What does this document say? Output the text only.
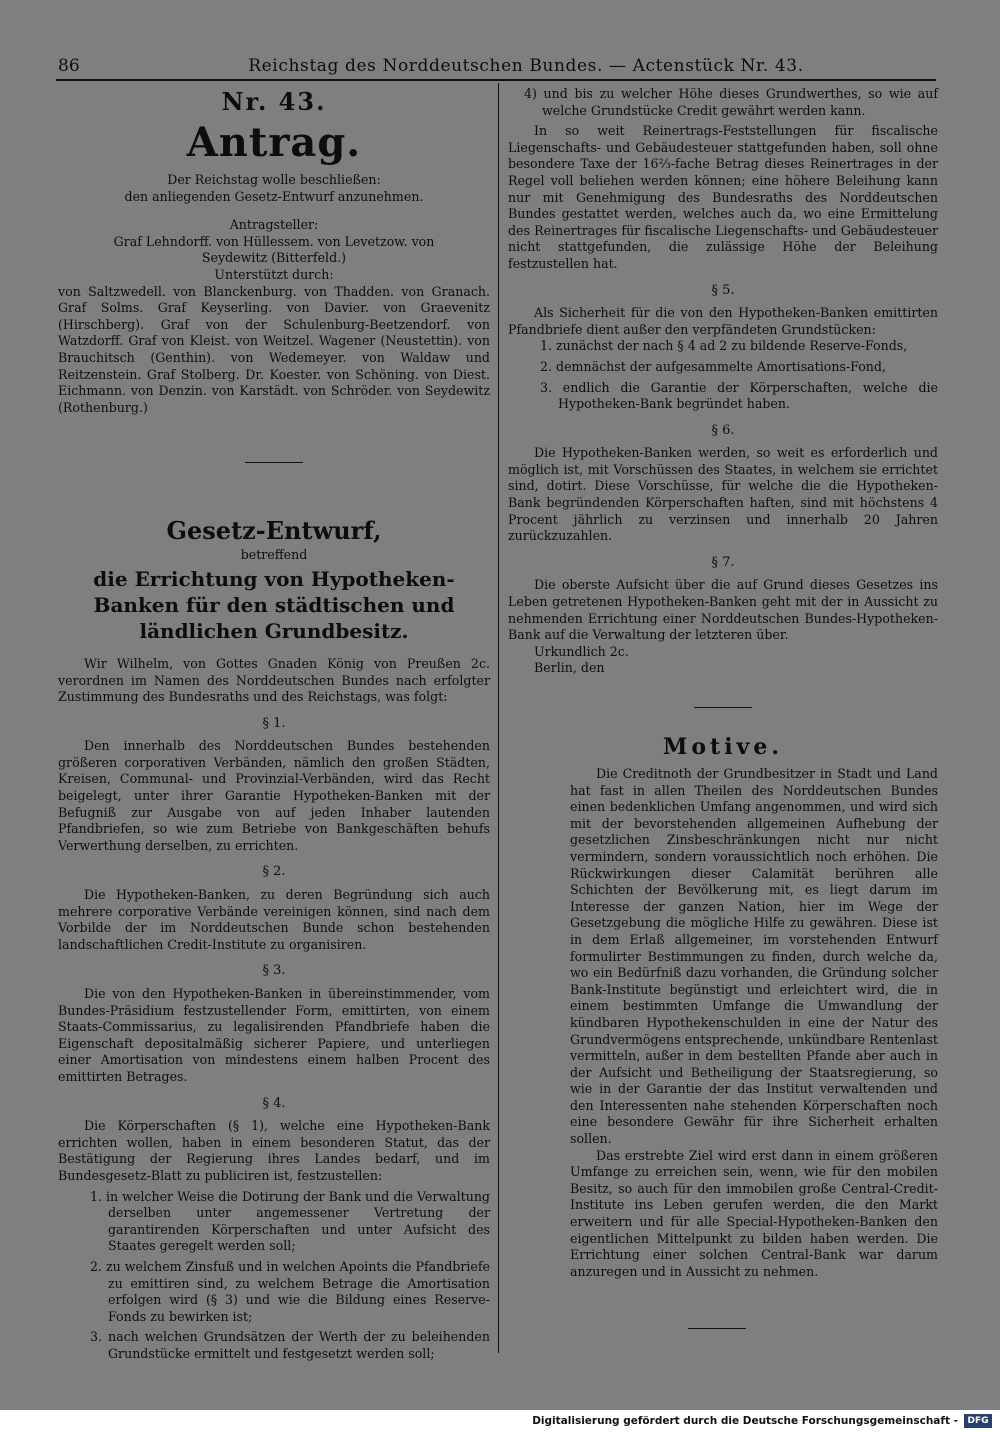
86	Reichstag des Norddeutschen Bundes. — Actenstück Nr. 43.
Nr. 43.
Antrag.

Der Reichstag wolle beschließen:

den anliegenden Gesetz-Entwurf anzunehmen.

Antragsteller:

Graf Lehndorff. von Hüllessem. von Levetzow. von Seydewitz (Bitterfeld.)

Unterstützt durch:

von Saltzwedell. von Blanckenburg. von Thadden. von Granach. Graf Solms. Graf Keyserling. von Davier. von Graevenitz (Hirschberg). Graf von der Schulenburg-Beetzendorf. von Watzdorff. Graf von Kleist. von Weitzel. Wagener (Neustettin). von Brauchitsch (Genthin). von Wedemeyer. von Waldaw und Reitzenstein. Graf Stolberg. Dr. Koester. von Schöning. von Diest. Eichmann. von Denzin. von Karstädt. von Schröder. von Seydewitz (Rothenburg.)

Gesetz-Entwurf,
betreffend
die Errichtung von Hypotheken-Banken für den städtischen und ländlichen Grundbesitz.

Wir Wilhelm, von Gottes Gnaden König von Preußen 2c. verordnen im Namen des Norddeutschen Bundes nach erfolgter Zustimmung des Bundesraths und des Reichstags, was folgt:

§ 1.

Den innerhalb des Norddeutschen Bundes bestehenden größeren corporativen Verbänden, nämlich den großen Städten, Kreisen, Communal- und Provinzial-Verbänden, wird das Recht beigelegt, unter ihrer Garantie Hypotheken-Banken mit der Befugniß zur Ausgabe von auf jeden Inhaber lautenden Pfandbriefen, so wie zum Betriebe von Bankgeschäften behufs Verwerthung derselben, zu errichten.

§ 2.

Die Hypotheken-Banken, zu deren Begründung sich auch mehrere corporative Verbände vereinigen können, sind nach dem Vorbilde der im Norddeutschen Bunde schon bestehenden landschaftlichen Credit-Institute zu organisiren.

§ 3.

Die von den Hypotheken-Banken in übereinstimmender, vom Bundes-Präsidium festzustellender Form, emittirten, von einem Staats-Commissarius, zu legalisirenden Pfandbriefe haben die Eigenschaft depositalmäßig sicherer Papiere, und unterliegen einer Amortisation von mindestens einem halben Procent des emittirten Betrages.

§ 4.

Die Körperschaften (§ 1), welche eine Hypotheken-Bank errichten wollen, haben in einem besonderen Statut, das der Bestätigung der Regierung ihres Landes bedarf, und im Bundesgesetz-Blatt zu publiciren ist, festzustellen:

1. in welcher Weise die Dotirung der Bank und die Verwaltung derselben unter angemessener Vertretung der garantirenden Körperschaften und unter Aufsicht des Staates geregelt werden soll;

2. zu welchem Zinsfuß und in welchen Apoints die Pfandbriefe zu emittiren sind, zu welchem Betrage die Amortisation erfolgen wird (§ 3) und wie die Bildung eines Reserve-Fonds zu bewirken ist;

3. nach welchen Grundsätzen der Werth der zu beleihenden Grundstücke ermittelt und festgesetzt werden soll;

4) und bis zu welcher Höhe dieses Grundwerthes, so wie auf welche Grundstücke Credit gewährt werden kann.

In so weit Reinertrags-Feststellungen für fiscalische Liegenschafts- und Gebäudesteuer stattgefunden haben, soll ohne besondere Taxe der 16⅔-fache Betrag dieses Reinertrages in der Regel voll beliehen werden können; eine höhere Beleihung kann nur mit Genehmigung des Bundesraths des Norddeutschen Bundes gestattet werden, welches auch da, wo eine Ermittelung des Reinertrages für fiscalische Liegenschafts- und Gebäudesteuer nicht stattgefunden, die zulässige Höhe der Beleihung festzustellen hat.

§ 5.

Als Sicherheit für die von den Hypotheken-Banken emittirten Pfandbriefe dient außer den verpfändeten Grundstücken:

1. zunächst der nach § 4 ad 2 zu bildende Reserve-Fonds,

2. demnächst der aufgesammelte Amortisations-Fond,

3. endlich die Garantie der Körperschaften, welche die Hypotheken-Bank begründet haben.

§ 6.

Die Hypotheken-Banken werden, so weit es erforderlich und möglich ist, mit Vorschüssen des Staates, in welchem sie errichtet sind, dotirt. Diese Vorschüsse, für welche die die Hypotheken-Bank begründenden Körperschaften haften, sind mit höchstens 4 Procent jährlich zu verzinsen und innerhalb 20 Jahren zurückzuzahlen.

§ 7.

Die oberste Aufsicht über die auf Grund dieses Gesetzes ins Leben getretenen Hypotheken-Banken geht mit der in Aussicht zu nehmenden Errichtung einer Norddeutschen Bundes-Hypotheken-Bank auf die Verwaltung der letzteren über.

Urkundlich 2c.

Berlin, den

Motive.

Die Creditnoth der Grundbesitzer in Stadt und Land hat fast in allen Theilen des Norddeutschen Bundes einen bedenklichen Umfang angenommen, und wird sich mit der bevorstehenden allgemeinen Aufhebung der gesetzlichen Zinsbeschränkungen nicht nur nicht vermindern, sondern voraussichtlich noch erhöhen. Die Rückwirkungen dieser Calamität berühren alle Schichten der Bevölkerung mit, es liegt darum im Interesse der ganzen Nation, hier im Wege der Gesetzgebung die mögliche Hilfe zu gewähren. Diese ist in dem Erlaß allgemeiner, im vorstehenden Entwurf formulirter Bestimmungen zu finden, durch welche da, wo ein Bedürfniß dazu vorhanden, die Gründung solcher Bank-Institute begünstigt und erleichtert wird, die in einem bestimmten Umfange die Umwandlung der kündbaren Hypothekenschulden in eine der Natur des Grundvermögens entsprechende, unkündbare Rentenlast vermitteln, außer in dem bestellten Pfande aber auch in der Aufsicht und Betheiligung der Staatsregierung, so wie in der Garantie der das Institut verwaltenden und den Interessenten nahe stehenden Körperschaften noch eine besondere Gewähr für ihre Sicherheit erhalten sollen.

Das erstrebte Ziel wird erst dann in einem größeren Umfange zu erreichen sein, wenn, wie für den mobilen Besitz, so auch für den immobilen große Central-Credit-Institute ins Leben gerufen werden, die den Markt erweitern und für alle Special-Hypotheken-Banken den eigentlichen Mittelpunkt zu bilden haben werden. Die Errichtung einer solchen Central-Bank war darum anzuregen und in Aussicht zu nehmen.

Digitalisierung gefördert durch die Deutsche Forschungsgemeinschaft -	DFG
